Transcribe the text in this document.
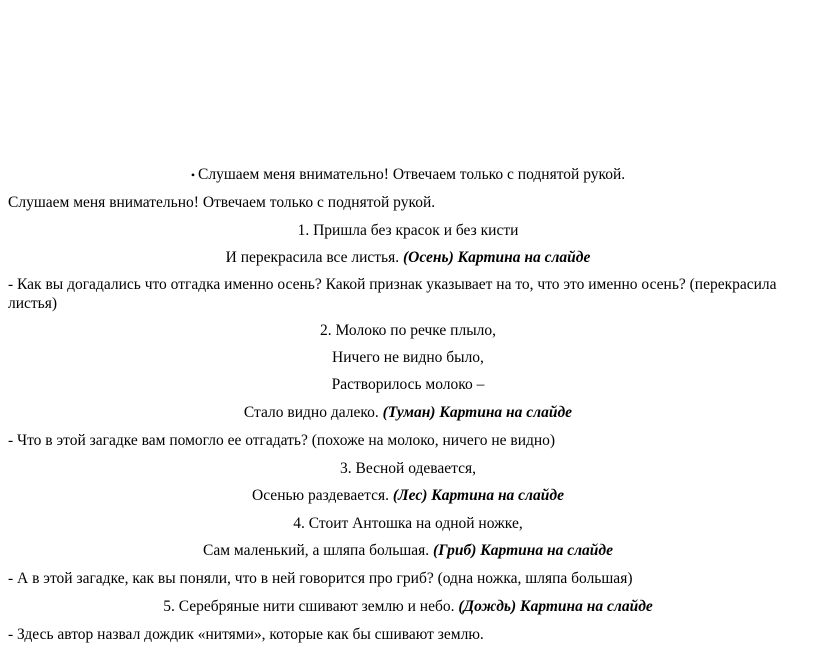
• Слушаем меня внимательно! Отвечаем только с поднятой рукой.
Слушаем меня внимательно! Отвечаем только с поднятой рукой.
1. Пришла без красок и без кисти
И перекрасила все листья. (Осень) Картина на слайде
- Как вы догадались что отгадка именно осень? Какой признак указывает на то, что это именно осень? (перекрасила листья)
2. Молоко по речке плыло,
Ничего не видно было,
Растворилось молоко –
Стало видно далеко. (Туман) Картина на слайде
- Что в этой загадке вам помогло ее отгадать? (похоже на молоко, ничего не видно)
3. Весной одевается,
Осенью раздевается. (Лес) Картина на слайде
4. Стоит Антошка на одной ножке,
Сам маленький, а шляпа большая. (Гриб) Картина на слайде
- А в этой загадке, как вы поняли, что в ней говорится про гриб? (одна ножка, шляпа большая)
5. Серебряные нити сшивают землю и небо. (Дождь) Картина на слайде
- Здесь автор назвал дождик «нитями», которые как бы сшивают землю.
